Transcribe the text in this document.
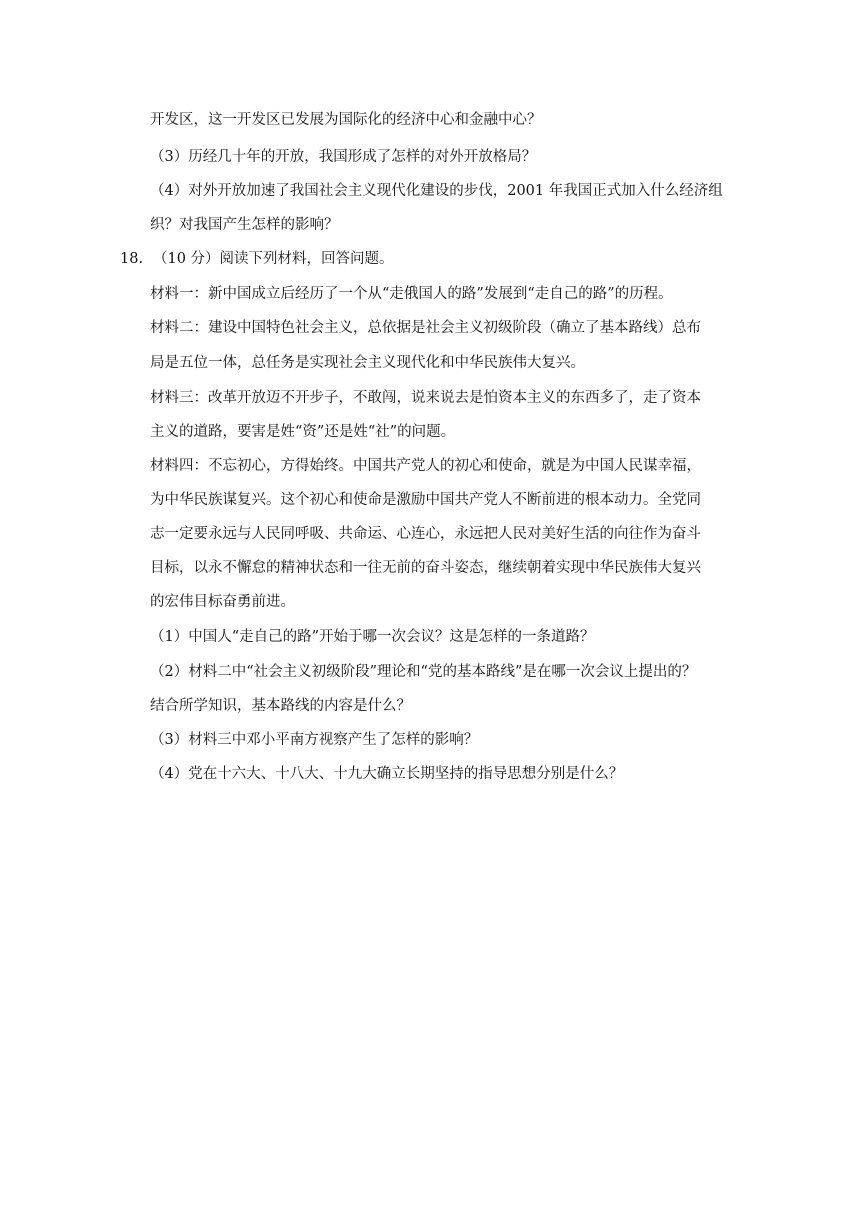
开发区，这一开发区已发展为国际化的经济中心和金融中心？
（3）历经几十年的开放，我国形成了怎样的对外开放格局？
（4）对外开放加速了我国社会主义现代化建设的步伐，2001 年我国正式加入什么经济组
织？对我国产生怎样的影响？
18. （10 分）阅读下列材料，回答问题。
材料一：新中国成立后经历了一个从“走俄国人的路”发展到“走自己的路”的历程。
材料二：建设中国特色社会主义，总依据是社会主义初级阶段（确立了基本路线）总布
局是五位一体，总任务是实现社会主义现代化和中华民族伟大复兴。
材料三：改革开放迈不开步子，不敢闯，说来说去是怕资本主义的东西多了，走了资本
主义的道路，要害是姓“资”还是姓“社”的问题。
材料四：不忘初心，方得始终。中国共产党人的初心和使命，就是为中国人民谋幸福，
为中华民族谋复兴。这个初心和使命是激励中国共产党人不断前进的根本动力。全党同
志一定要永远与人民同呼吸、共命运、心连心，永远把人民对美好生活的向往作为奋斗
目标，以永不懈怠的精神状态和一往无前的奋斗姿态，继续朝着实现中华民族伟大复兴
的宏伟目标奋勇前进。
（1）中国人“走自己的路”开始于哪一次会议？这是怎样的一条道路？
（2）材料二中“社会主义初级阶段”理论和“党的基本路线”是在哪一次会议上提出的？
结合所学知识，基本路线的内容是什么？
（3）材料三中邓小平南方视察产生了怎样的影响？
（4）党在十六大、十八大、十九大确立长期坚持的指导思想分别是什么？
